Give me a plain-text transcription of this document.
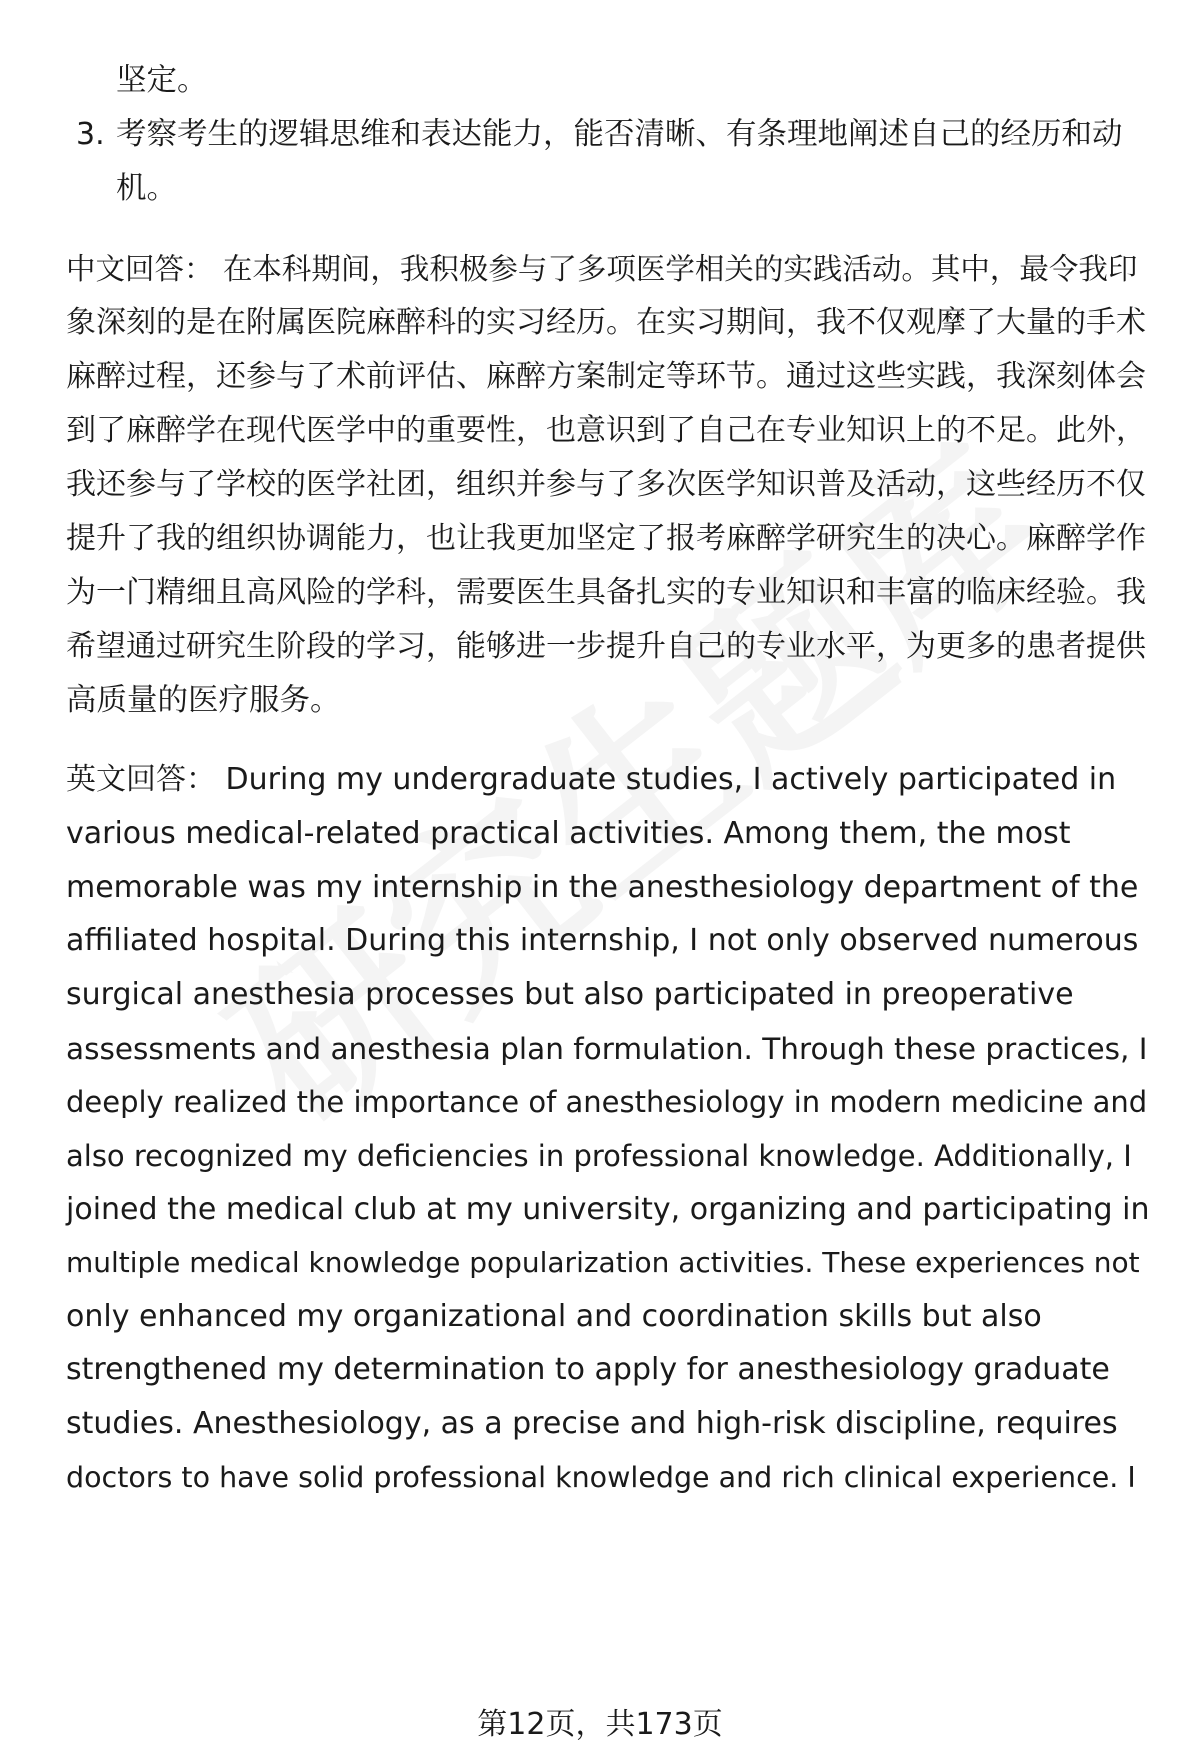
坚定。
3. 考察考生的逻辑思维和表达能力，能否清晰、有条理地阐述自己的经历和动
机。
中文回答： 在本科期间，我积极参与了多项医学相关的实践活动。其中，最令我印
象深刻的是在附属医院麻醉科的实习经历。在实习期间，我不仅观摩了大量的手术
麻醉过程，还参与了术前评估、麻醉方案制定等环节。通过这些实践，我深刻体会
到了麻醉学在现代医学中的重要性，也意识到了自己在专业知识上的不足。此外，
我还参与了学校的医学社团，组织并参与了多次医学知识普及活动，这些经历不仅
提升了我的组织协调能力，也让我更加坚定了报考麻醉学研究生的决心。麻醉学作
为一门精细且高风险的学科，需要医生具备扎实的专业知识和丰富的临床经验。我
希望通过研究生阶段的学习，能够进一步提升自己的专业水平，为更多的患者提供
高质量的医疗服务。
英文回答： During my undergraduate studies, I actively participated in
various medical-related practical activities. Among them, the most
memorable was my internship in the anesthesiology department of the
affiliated hospital. During this internship, I not only observed numerous
surgical anesthesia processes but also participated in preoperative
assessments and anesthesia plan formulation. Through these practices, I
deeply realized the importance of anesthesiology in modern medicine and
also recognized my deficiencies in professional knowledge. Additionally, I
joined the medical club at my university, organizing and participating in
multiple medical knowledge popularization activities. These experiences not
only enhanced my organizational and coordination skills but also
strengthened my determination to apply for anesthesiology graduate
studies. Anesthesiology, as a precise and high-risk discipline, requires
doctors to have solid professional knowledge and rich clinical experience. I
第12页，共173页
